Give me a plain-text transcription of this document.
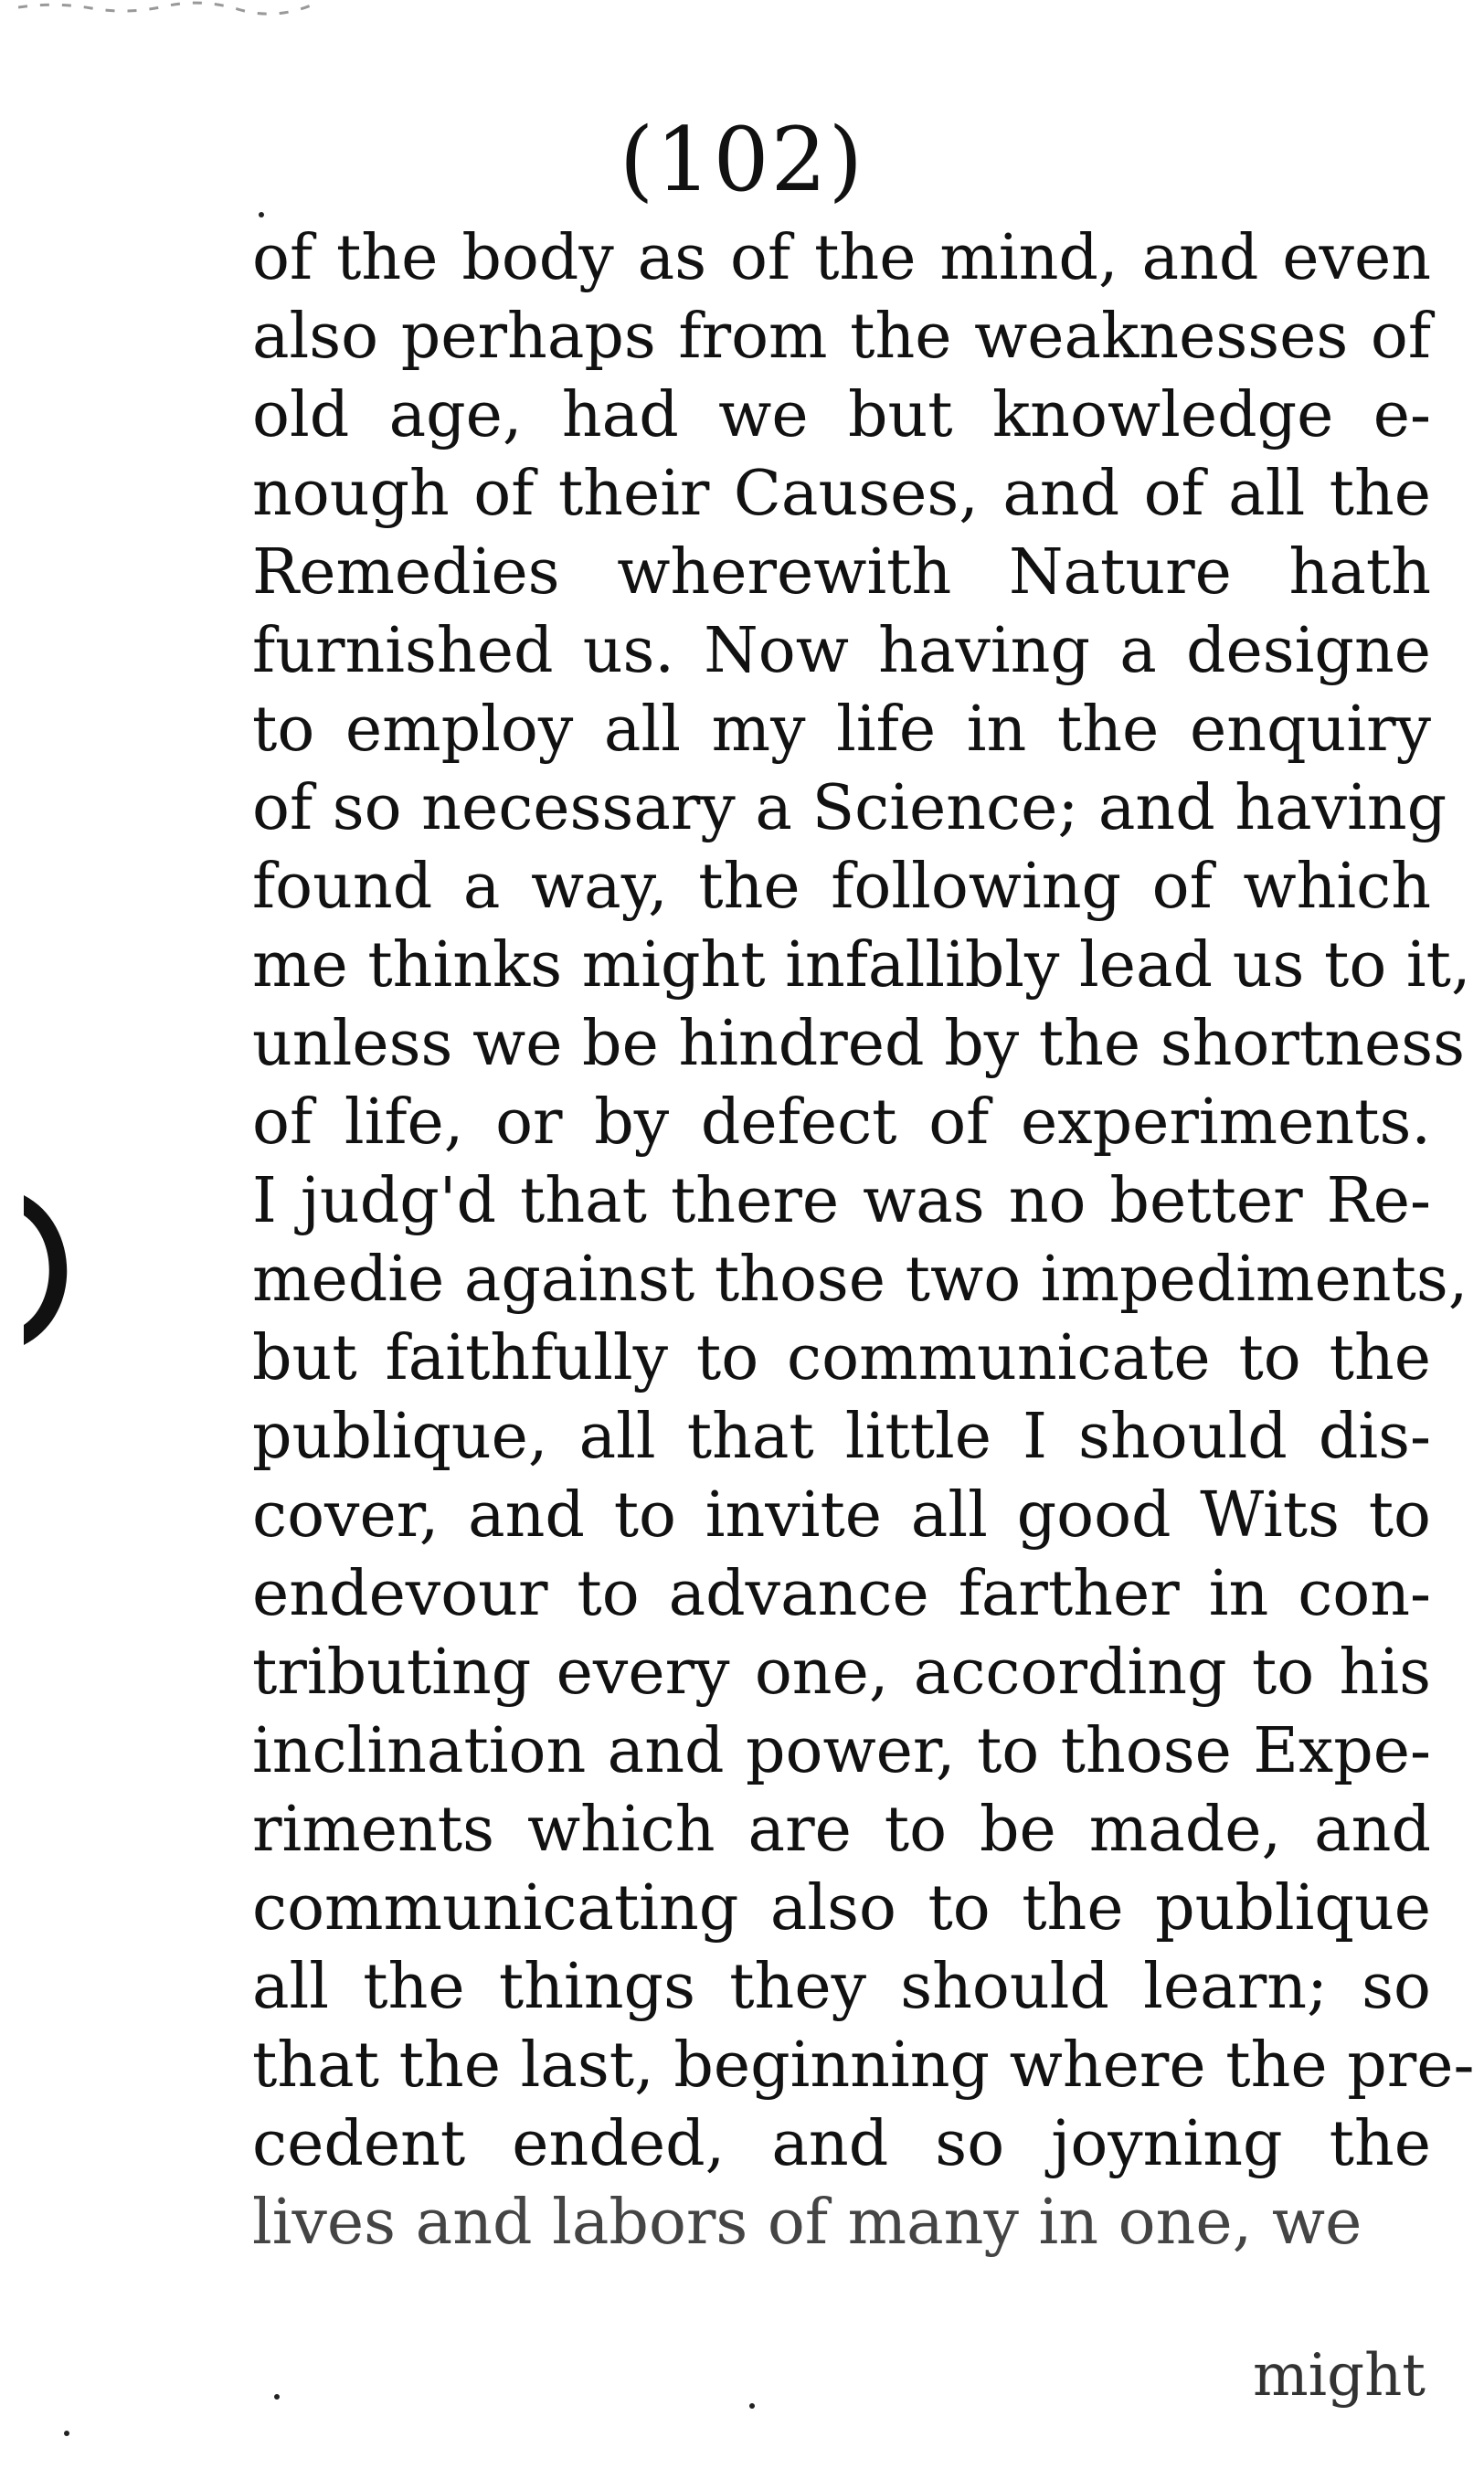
(102)
of the body as of the mind, and even
also perhaps from the weaknesses of
old age, had we but knowledge e-
nough of their Causes, and of all the
Remedies wherewith Nature hath
furnished us. Now having a designe
to employ all my life in the enquiry
of so necessary a Science; and having
found a way, the following of which
me thinks might infallibly lead us to it,
unless we be hindred by the shortness
of life, or by defect of experiments.
I judg'd that there was no better Re-
medie against those two impediments,
but faithfully to communicate to the
publique, all that little I should dis-
cover, and to invite all good Wits to
endevour to advance farther in con-
tributing every one, according to his
inclination and power, to those Expe-
riments which are to be made, and
communicating also to the publique
all the things they should learn; so
that the last, beginning where the pre-
cedent ended, and so joyning the
lives and labors of many in one, we
might
